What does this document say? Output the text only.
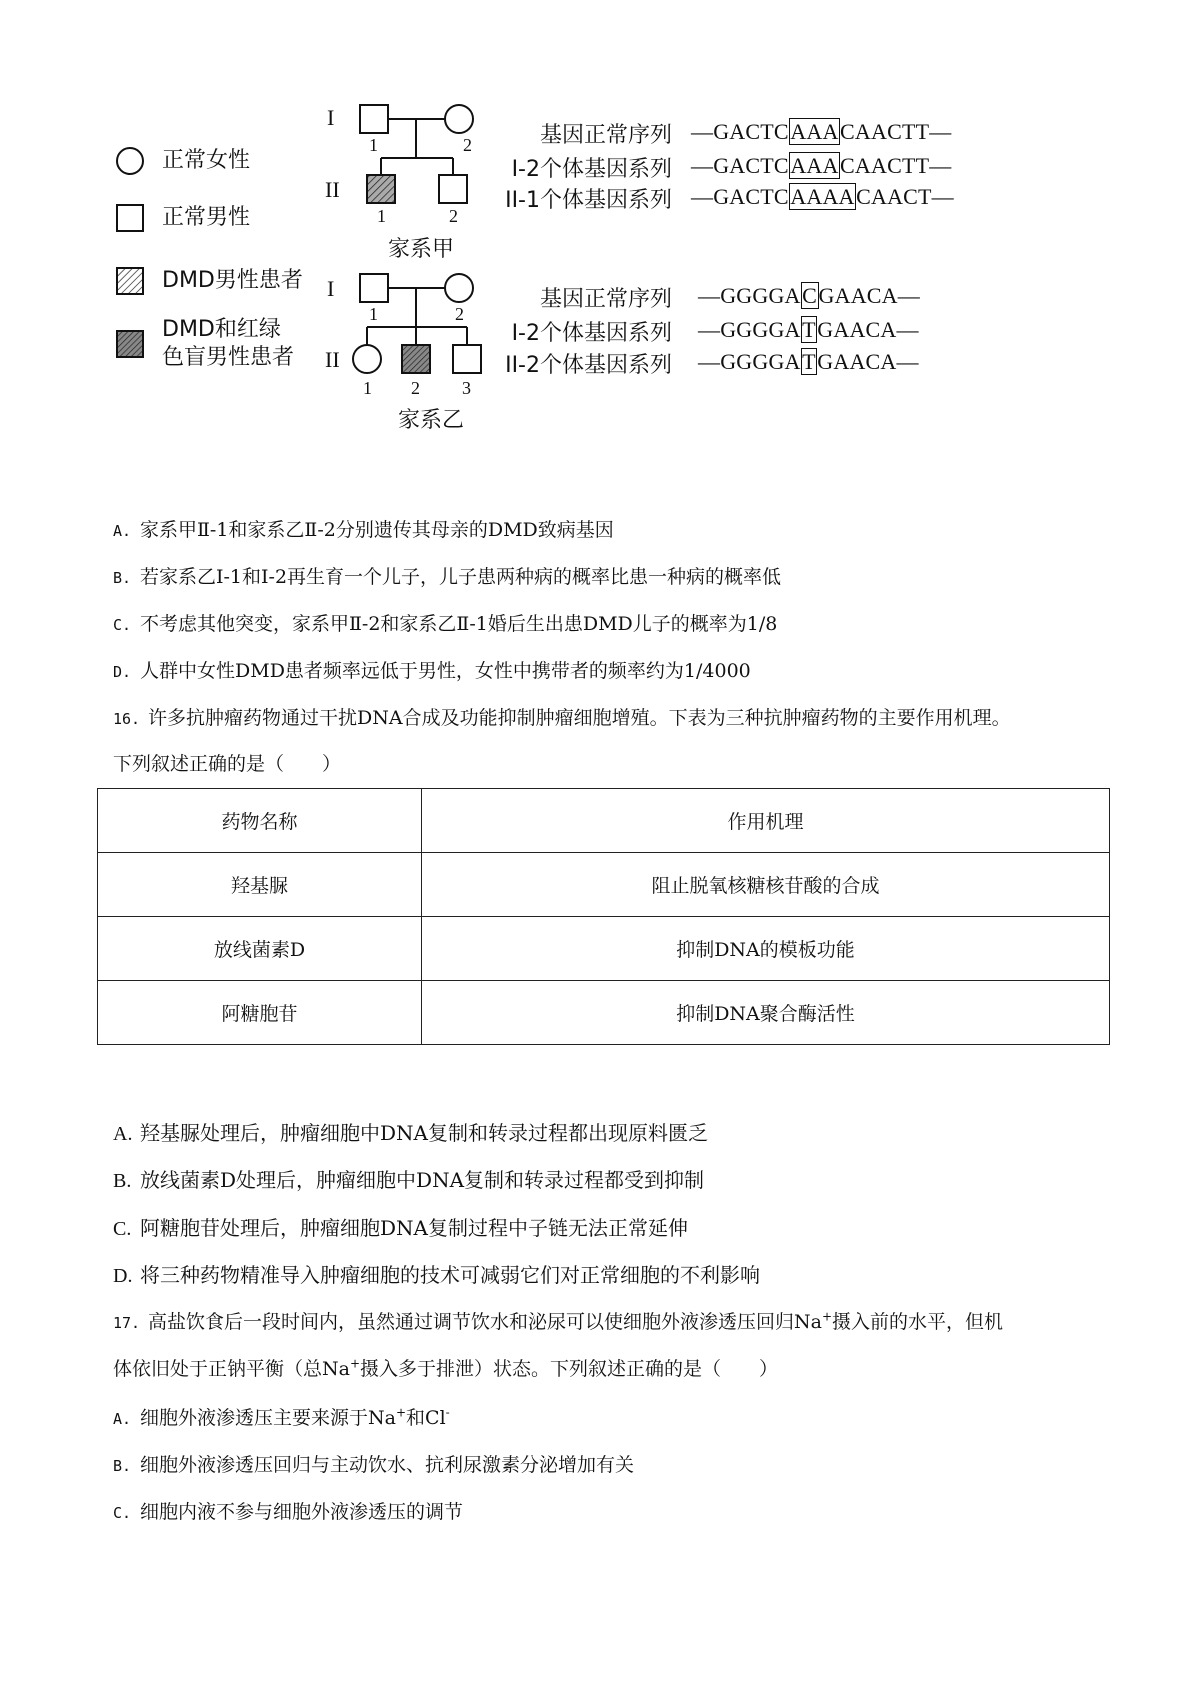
正常女性
正常男性
DMD男性患者
DMD和红绿
色盲男性患者
I
II
1	2
1	2
家系甲
I
II
1	2
1 2 3
家系乙
基因正常序列 —GACTCAAACAACTT—
I-2个体基因系列 —GACTCAAACAACTT—
II-1个体基因系列 —GACTCAAAACAACT—
基因正常序列 —GGGGACGAACA—
I-2个体基因系列 —GGGGATGAACA—
II-2个体基因系列 —GGGGATGAACA—
A. 家系甲Ⅱ-1和家系乙Ⅱ-2分别遗传其母亲的DMD致病基因
B. 若家系乙Ⅰ-1和Ⅰ-2再生育一个儿子，儿子患两种病的概率比患一种病的概率低
C. 不考虑其他突变，家系甲Ⅱ-2和家系乙Ⅱ-1婚后生出患DMD儿子的概率为1/8
D. 人群中女性DMD患者频率远低于男性，女性中携带者的频率约为1/4000
16. 许多抗肿瘤药物通过干扰DNA合成及功能抑制肿瘤细胞增殖。下表为三种抗肿瘤药物的主要作用机理。
下列叙述正确的是（　　）
药物名称	作用机理
羟基脲	阻止脱氧核糖核苷酸的合成
放线菌素D	抑制DNA的模板功能
阿糖胞苷	抑制DNA聚合酶活性
A. 羟基脲处理后，肿瘤细胞中DNA复制和转录过程都出现原料匮乏
B. 放线菌素D处理后，肿瘤细胞中DNA复制和转录过程都受到抑制
C. 阿糖胞苷处理后，肿瘤细胞DNA复制过程中子链无法正常延伸
D. 将三种药物精准导入肿瘤细胞的技术可减弱它们对正常细胞的不利影响
17. 高盐饮食后一段时间内，虽然通过调节饮水和泌尿可以使细胞外液渗透压回归Na+摄入前的水平，但机
体依旧处于正钠平衡（总Na+摄入多于排泄）状态。下列叙述正确的是（　　）
A. 细胞外液渗透压主要来源于Na+和Cl-
B. 细胞外液渗透压回归与主动饮水、抗利尿激素分泌增加有关
C. 细胞内液不参与细胞外液渗透压的调节
